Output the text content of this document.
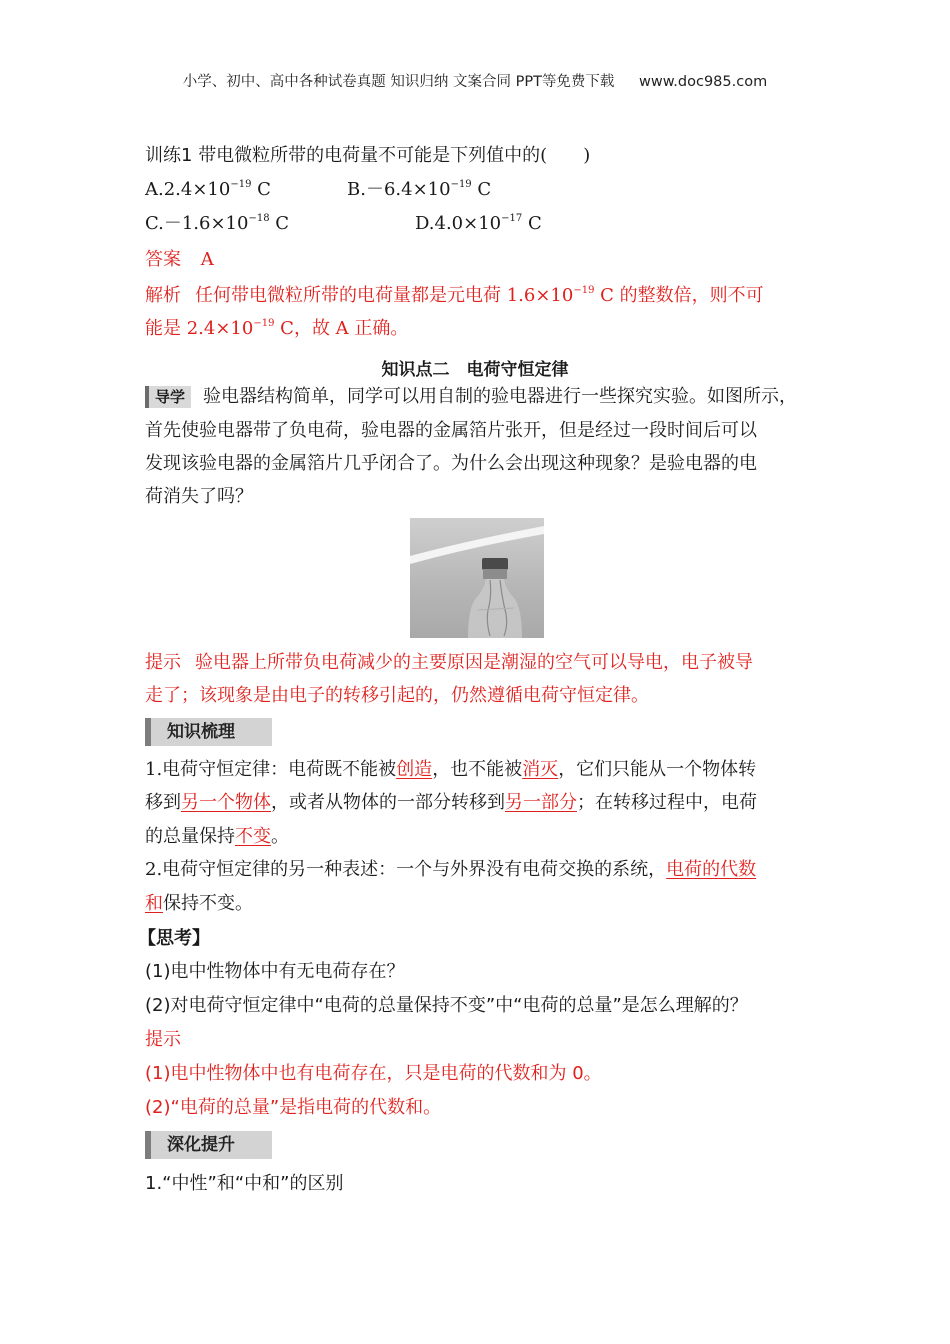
小学、初中、高中各种试卷真题 知识归纳 文案合同 PPT等免费下载 www.doc985.com
训练1 带电微粒所带的电荷量不可能是下列值中的(　　)
$A.2.4\times 10^{-19}$ C	$B.-6.4\times 10^{-19}$ C
$C.-1.6\times 10^{-18}$ C	$D.4.0\times 10^{-17}$ C
答案 A
解析 任何带电微粒所带的电荷量都是元电荷 $1.6\times 10^{-19}$ C 的整数倍，则不可
能是 $2.4\times 10^{-19}$ C，故 A 正确。
知识点二　电荷守恒定律
导学 验电器结构简单，同学可以用自制的验电器进行一些探究实验。如图所示，
首先使验电器带了负电荷，验电器的金属箔片张开，但是经过一段时间后可以
发现该验电器的金属箔片几乎闭合了。为什么会出现这种现象？是验电器的电
荷消失了吗？
提示 验电器上所带负电荷减少的主要原因是潮湿的空气可以导电，电子被导
走了；该现象是由电子的转移引起的，仍然遵循电荷守恒定律。
知识梳理
1.电荷守恒定律：电荷既不能被创造，也不能被消灭，它们只能从一个物体转
移到另一个物体，或者从物体的一部分转移到另一部分；在转移过程中，电荷
的总量保持不变。
2.电荷守恒定律的另一种表述：一个与外界没有电荷交换的系统，电荷的代数
和保持不变。
【思考】
(1)电中性物体中有无电荷存在？
(2)对电荷守恒定律中“电荷的总量保持不变”中“电荷的总量”是怎么理解的？
提示
(1)电中性物体中也有电荷存在，只是电荷的代数和为 0。
(2)“电荷的总量”是指电荷的代数和。
深化提升
1.“中性”和“中和”的区别
